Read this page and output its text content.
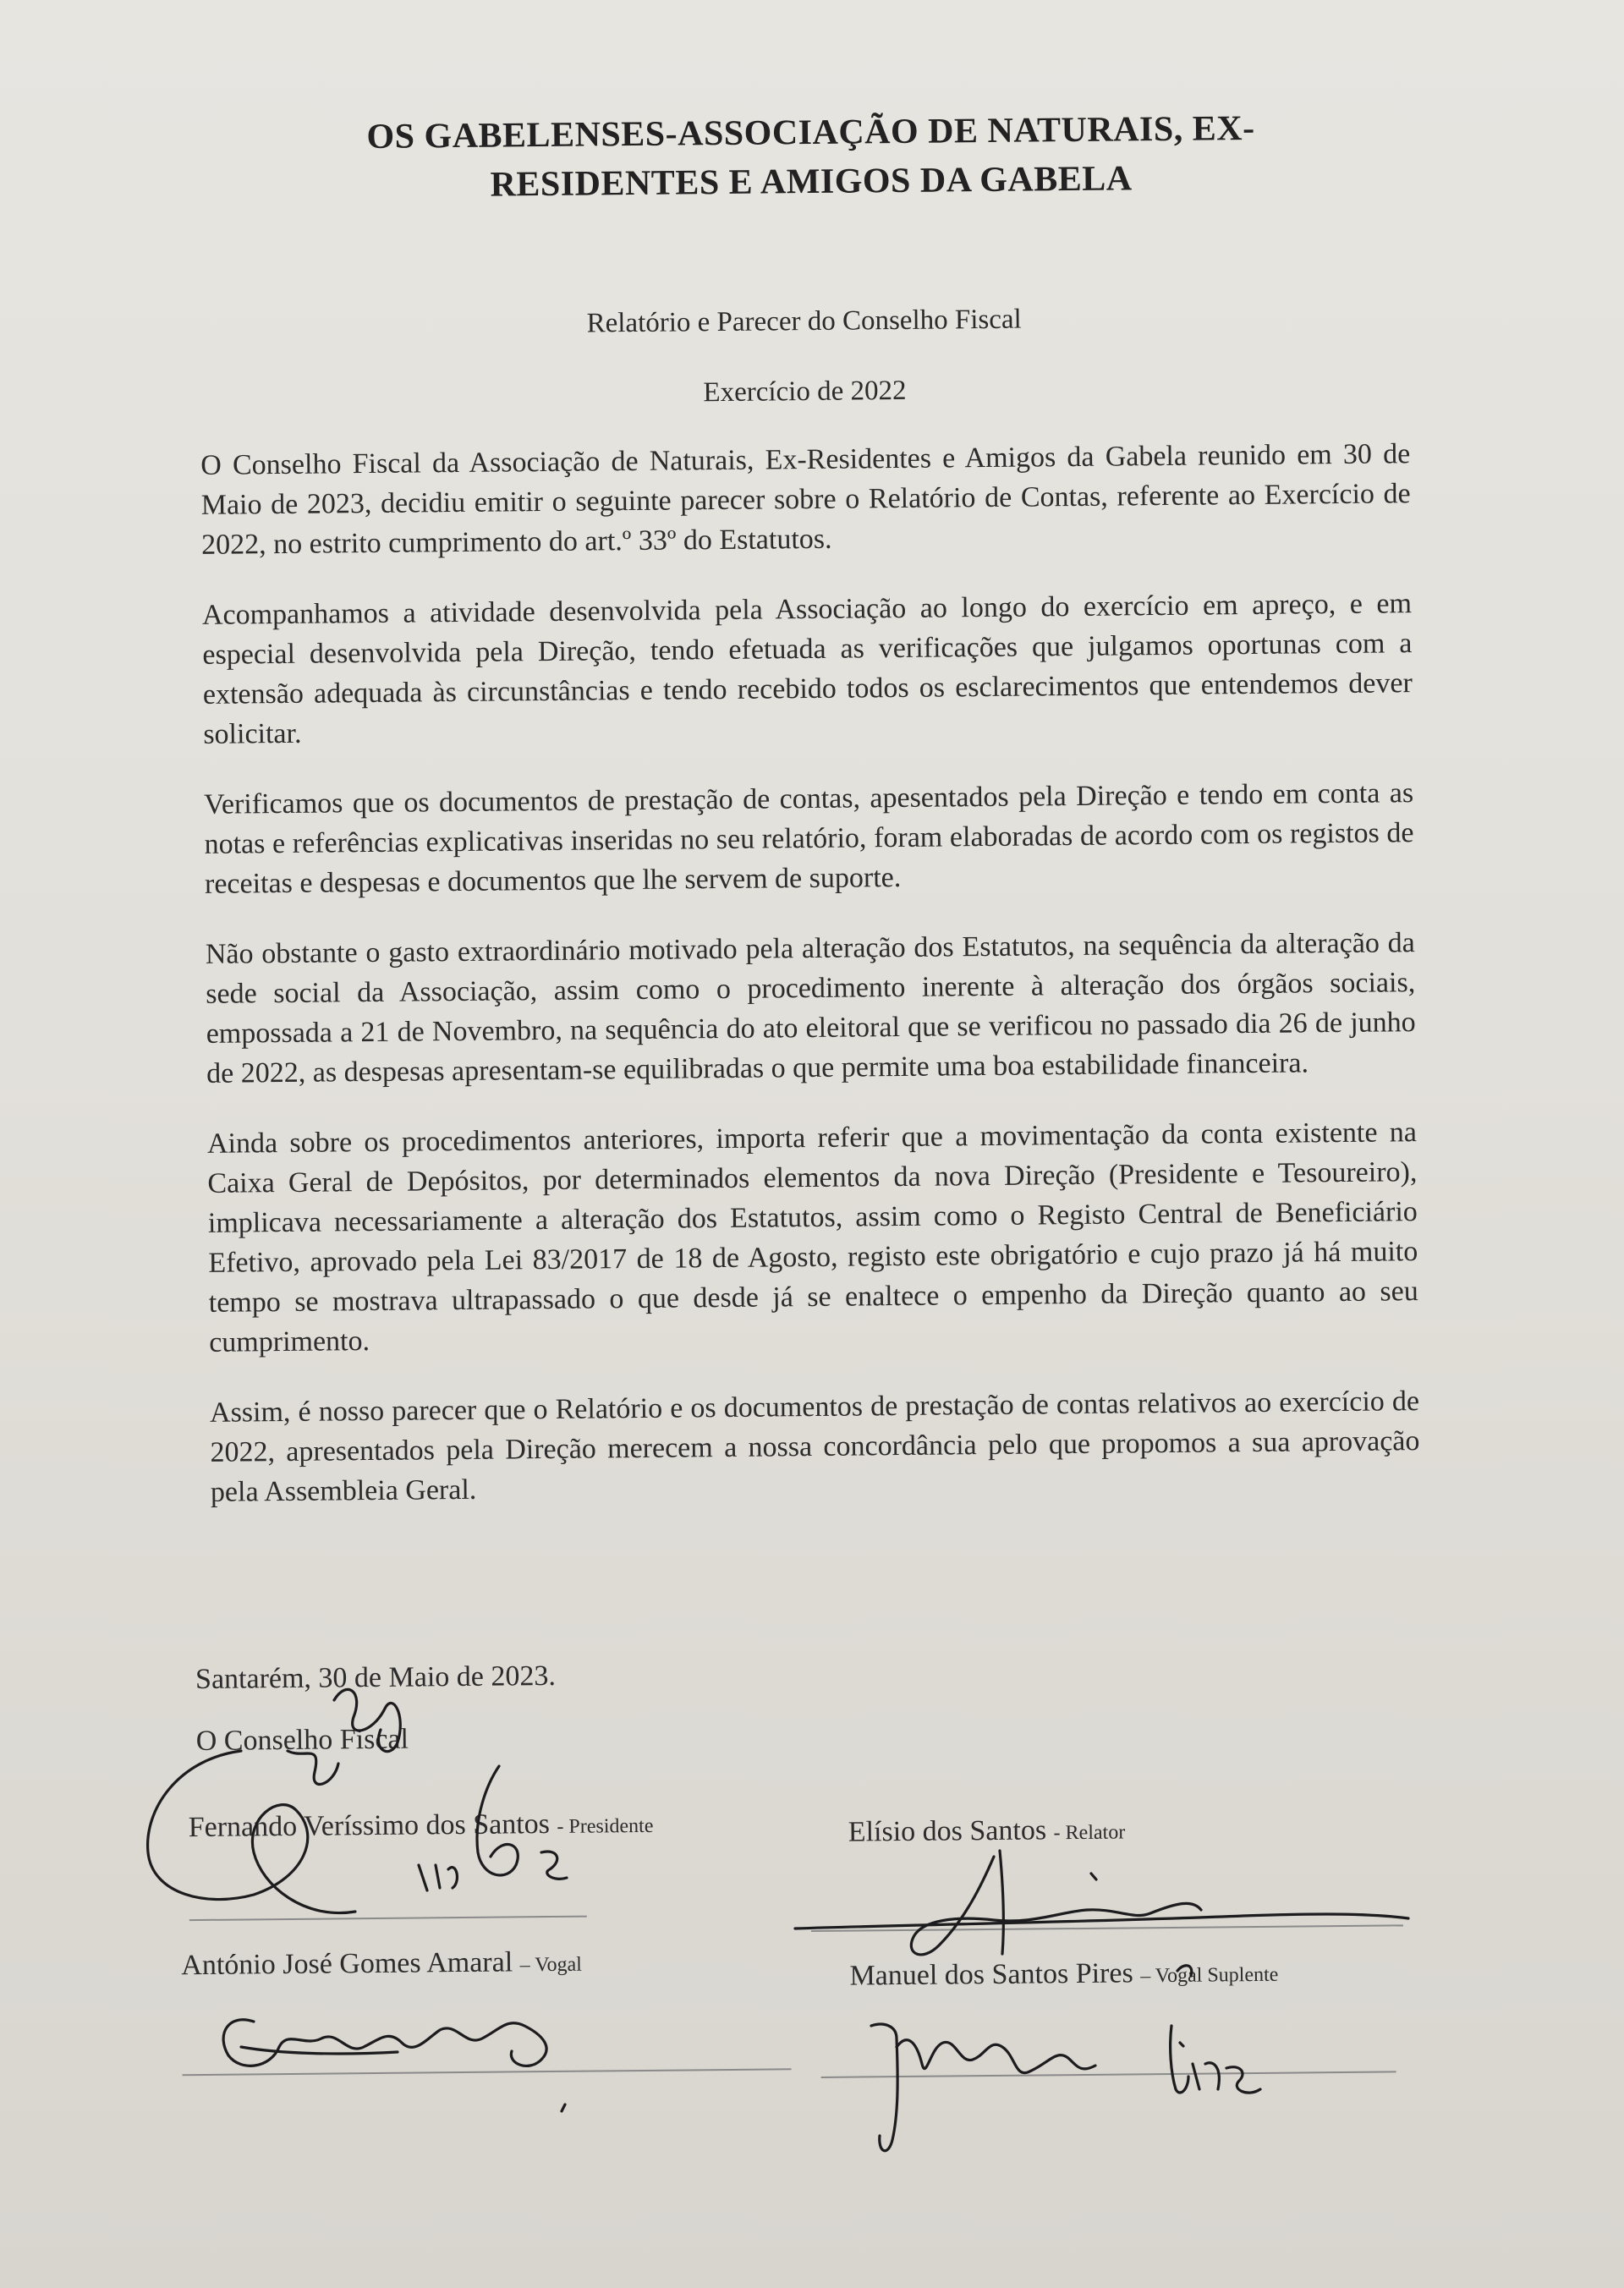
OS GABELENSES-ASSOCIAÇÃO DE NATURAIS, EX-
RESIDENTES E AMIGOS DA GABELA
Relatório e Parecer do Conselho Fiscal
Exercício de 2022

O Conselho Fiscal da Associação de Naturais, Ex-Residentes e Amigos da Gabela reunido em 30 de Maio de 2023, decidiu emitir o seguinte parecer sobre o Relatório de Contas, referente ao Exercício de 2022, no estrito cumprimento do art.º 33º do Estatutos.

Acompanhamos a atividade desenvolvida pela Associação ao longo do exercício em apreço, e em especial desenvolvida pela Direção, tendo efetuada as verificações que julgamos oportunas com a extensão adequada às circunstâncias e tendo recebido todos os esclarecimentos que entendemos dever solicitar.

Verificamos que os documentos de prestação de contas, apesentados pela Direção e tendo em conta as notas e referências explicativas inseridas no seu relatório, foram elaboradas de acordo com os registos de receitas e despesas e documentos que lhe servem de suporte.

Não obstante o gasto extraordinário motivado pela alteração dos Estatutos, na sequência da alteração da sede social da Associação, assim como o procedimento inerente à alteração dos órgãos sociais, empossada a 21 de Novembro, na sequência do ato eleitoral que se verificou no passado dia 26 de junho de 2022, as despesas apresentam-se equilibradas o que permite uma boa estabilidade financeira.

Ainda sobre os procedimentos anteriores, importa referir que a movimentação da conta existente na Caixa Geral de Depósitos, por determinados elementos da nova Direção (Presidente e Tesoureiro), implicava necessariamente a alteração dos Estatutos, assim como o Registo Central de Beneficiário Efetivo, aprovado pela Lei 83/2017 de 18 de Agosto, registo este obrigatório e cujo prazo já há muito tempo se mostrava ultrapassado o que desde já se enaltece o empenho da Direção quanto ao seu cumprimento.

Assim, é nosso parecer que o Relatório e os documentos de prestação de contas relativos ao exercício de 2022, apresentados pela Direção merecem a nossa concordância pelo que propomos a sua aprovação pela Assembleia Geral.

Santarém, 30 de Maio de 2023.
O Conselho Fiscal
Fernando Veríssimo dos Santos - Presidente	Elísio dos Santos - Relator
António José Gomes Amaral – Vogal	Manuel dos Santos Pires – Vogal Suplente
